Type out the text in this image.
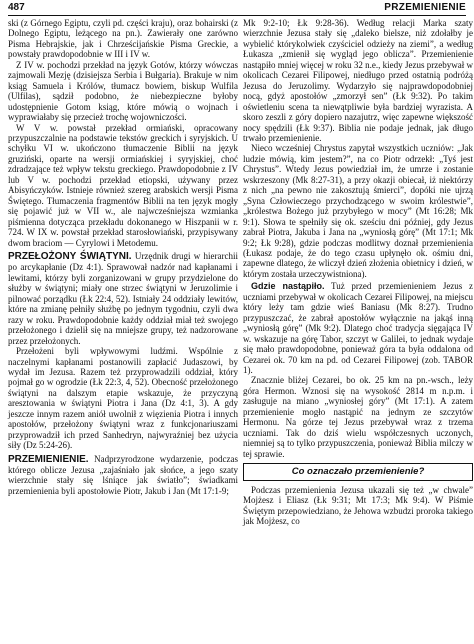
487	PRZEMIENIENIE

ski (z Górnego Egiptu, czyli pd. części kraju), oraz bohairski (z Dolnego Egiptu, leżącego na pn.). Zawierały one zarówno Pisma Hebrajskie, jak i Chrześcijańskie Pisma Greckie, a powstały prawdopodobnie w III i IV w.

Z IV w. pochodzi przekład na język Gotów, którzy wówczas zajmowali Mezję (dzisiejsza Serbia i Bułgaria). Brakuje w nim ksiąg Samuela i Królów, tłumacz bowiem, biskup Wulfila (Ulfilas), sądził podobno, że niebezpieczne byłoby udostępnienie Gotom ksiąg, które mówią o wojnach i wyprawiałaby się przecież trochę wojowniczości.

W V w. powstał przekład ormiański, opracowany przypuszczalnie na podstawie tekstów greckich i syryjskich. U schyłku VI w. ukończono tłumaczenie Biblii na język gruziński, oparte na wersji ormiańskiej i syryjskiej, choć zdradzające też wpływ tekstu greckiego. Prawdopodobnie z IV lub V w. pochodzi przekład etiopski, używany przez Abisyńczyków. Istnieje również szereg arabskich wersji Pisma Świętego. Tłumaczenia fragmentów Biblii na ten język mogły się pojawić już w VII w., ale najwcześniejsza wzmianka piśmienna dotycząca przekładu dokonanego w Hiszpanii w r. 724. W IX w. powstał przekład starosłowiański, przypisywany dwom braciom — Cyrylowi i Metodemu.

PRZEŁOŻONY ŚWIĄTYNI. Urzędnik drugi w hierarchii po arcykapłanie (Dz 4:1). Sprawował nadzór nad kapłanami i lewitami, którzy byli zorganizowani w grupy przydzielone do służby w świątyni; miały one strzec świątyni w Jeruzolimie i pilnować porządku (Łk 22:4, 52). Istniały 24 oddziały lewitów, które na zmianę pełniły służbę po jednym tygodniu, czyli dwa razy w roku. Prawdopodobnie każdy oddział miał też swojego przełożonego i dzielił się na mniejsze grupy, też nadzorowane przez przełożonych.

Przełożeni byli wpływowymi ludźmi. Wspólnie z naczelnymi kapłanami postanowili zapłacić Judaszowi, by wydał im Jezusa. Razem też przyprowadzili oddział, który pojmał go w ogrodzie (Łk 22:3, 4, 52). Obecność przełożonego świątyni na dalszym etapie wskazuje, że przyczyną aresztowania w świątyni Piotra i Jana (Dz 4:1, 3). A gdy jeszcze innym razem aniół uwolnił z więzienia Piotra i innych apostołów, przełożony świątyni wraz z funkcjonariuszami przyprowadził ich przed Sanhedryn, najwyraźniej bez użycia siły (Dz 5:24-26).

PRZEMIENIENIE. Nadprzyrodzone wydarzenie, podczas którego oblicze Jezusa „zajaśniało jak słońce, a jego szaty wierzchnie stały się lśniące jak światło”; świadkami przemienienia byli apostołowie Piotr, Jakub i Jan (Mt 17:1-9;

Mk 9:2-10; Łk 9:28-36). Według relacji Marka szaty wierzchnie Jezusa stały się „daleko bielsze, niż zdołałby je wybielić którykolwiek czyściciel odzieży na ziemi”, a według Łukasza „zmienił się wygląd jego oblicza”. Przemienienie nastąpiło mniej więcej w roku 32 n.e., kiedy Jezus przebywał w okolicach Cezarei Filipowej, niedługo przed ostatnią podróżą Jezusa do Jeruzolimy. Wydarzyło się najprawdopodobniej nocą, gdyż apostołów „zmorzył sen” (Łk 9:32). Po takim oświetleniu scena ta niewątpliwie była bardziej wyrazista. A skoro zeszli z góry dopiero nazajutrz, więc zapewne większość nocy spędzili (Łk 9:37). Biblia nie podaje jednak, jak długo trwało przemienienie.

Nieco wcześniej Chrystus zapytał wszystkich uczniów: „Jak ludzie mówią, kim jestem?”, na co Piotr odrzekł: „Tyś jest Chrystus”. Wtedy Jezus powiedział im, że umrze i zostanie wskrzeszony (Mk 8:27-31), a przy okazji obiecał, iż niektórzy z nich „na pewno nie zakosztują śmierci”, dopóki nie ujrzą „Syna Człowieczego przychodzącego w swoim królestwie”, „królestwa Bożego już przybyłego w mocy” (Mt 16:28; Mk 9:1). Słowa te spełniły się ok. sześciu dni później, gdy Jezus zabrał Piotra, Jakuba i Jana na „wyniosłą górę” (Mt 17:1; Mk 9:2; Łk 9:28), gdzie podczas modlitwy doznał przemienienia (Łukasz podaje, że do tego czasu upłynęło ok. ośmiu dni, zapewne dlatego, że wliczył dzień złożenia obietnicy i dzień, w którym została urzeczywistniona).

Gdzie nastąpiło. Tuż przed przemienieniem Jezus z uczniami przebywał w okolicach Cezarei Filipowej, na miejscu który leży tam gdzie wieś Baniasu (Mk 8:27). Trudno przypuszczać, że zabrał apostołów wyłącznie na jakąś inną „wyniosłą górę” (Mk 9:2). Dlatego choć tradycja sięgająca IV w. wskazuje na górę Tabor, szczyt w Galilei, to jednak wydaje się mało prawdopodobne, ponieważ góra ta była oddalona od Cezarei ok. 70 km na pd. od Cezarei Filipowej (zob. TABOR 1).

Znacznie bliżej Cezarei, bo ok. 25 km na pn.-wsch., leży góra Hermon. Wznosi się na wysokość 2814 m n.p.m. i zasługuje na miano „wyniosłej góry” (Mt 17:1). A zatem przemienienie mogło nastąpić na jednym ze szczytów Hermonu. Na górze tej Jezus przebywał wraz z trzema uczniami. Tak do dziś wielu współczesnych uczonych, niemniej są to tylko przypuszczenia, ponieważ Biblia milczy w tej sprawie.

Co oznaczało przemienienie?

Podczas przemienienia Jezusa ukazali się też „w chwale” Mojżesz i Eliasz (Łk 9:31; Mt 17:3; Mk 9:4). W Piśmie Świętym przepowiedziano, że Jehowa wzbudzi proroka takiego jak Mojżesz, co
